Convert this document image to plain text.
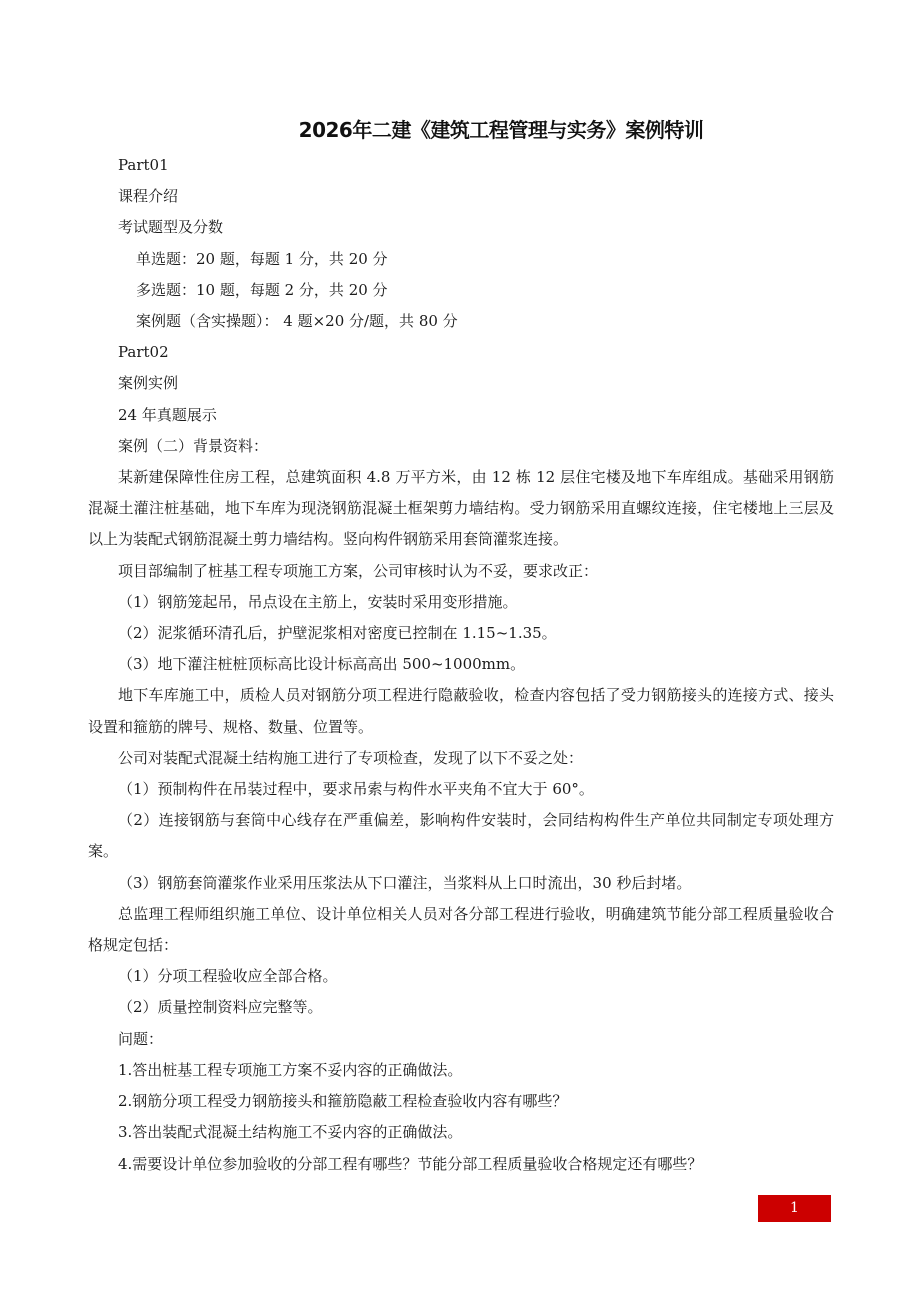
2026年二建《建筑工程管理与实务》案例特训

Part01

课程介绍

考试题型及分数

单选题：20 题，每题 1 分，共 20 分

多选题：10 题，每题 2 分，共 20 分

案例题（含实操题）： 4 题×20 分/题，共 80 分

Part02

案例实例

24 年真题展示

案例（二）背景资料：

某新建保障性住房工程，总建筑面积 4.8 万平方米，由 12 栋 12 层住宅楼及地下车库组成。基础采用钢筋混凝土灌注桩基础，地下车库为现浇钢筋混凝土框架剪力墙结构。受力钢筋采用直螺纹连接，住宅楼地上三层及以上为装配式钢筋混凝土剪力墙结构。竖向构件钢筋采用套筒灌浆连接。

项目部编制了桩基工程专项施工方案，公司审核时认为不妥，要求改正：

（1）钢筋笼起吊，吊点设在主筋上，安装时采用变形措施。

（2）泥浆循环清孔后，护壁泥浆相对密度已控制在 1.15~1.35。

（3）地下灌注桩桩顶标高比设计标高高出 500~1000mm。

地下车库施工中，质检人员对钢筋分项工程进行隐蔽验收，检查内容包括了受力钢筋接头的连接方式、接头设置和箍筋的牌号、规格、数量、位置等。

公司对装配式混凝土结构施工进行了专项检查，发现了以下不妥之处：

（1）预制构件在吊装过程中，要求吊索与构件水平夹角不宜大于 60°。

（2）连接钢筋与套筒中心线存在严重偏差，影响构件安装时，会同结构构件生产单位共同制定专项处理方案。

（3）钢筋套筒灌浆作业采用压浆法从下口灌注，当浆料从上口时流出，30 秒后封堵。

总监理工程师组织施工单位、设计单位相关人员对各分部工程进行验收，明确建筑节能分部工程质量验收合格规定包括：

（1）分项工程验收应全部合格。

（2）质量控制资料应完整等。

问题：

1.答出桩基工程专项施工方案不妥内容的正确做法。

2.钢筋分项工程受力钢筋接头和箍筋隐蔽工程检查验收内容有哪些？

3.答出装配式混凝土结构施工不妥内容的正确做法。

4.需要设计单位参加验收的分部工程有哪些？节能分部工程质量验收合格规定还有哪些？

1
